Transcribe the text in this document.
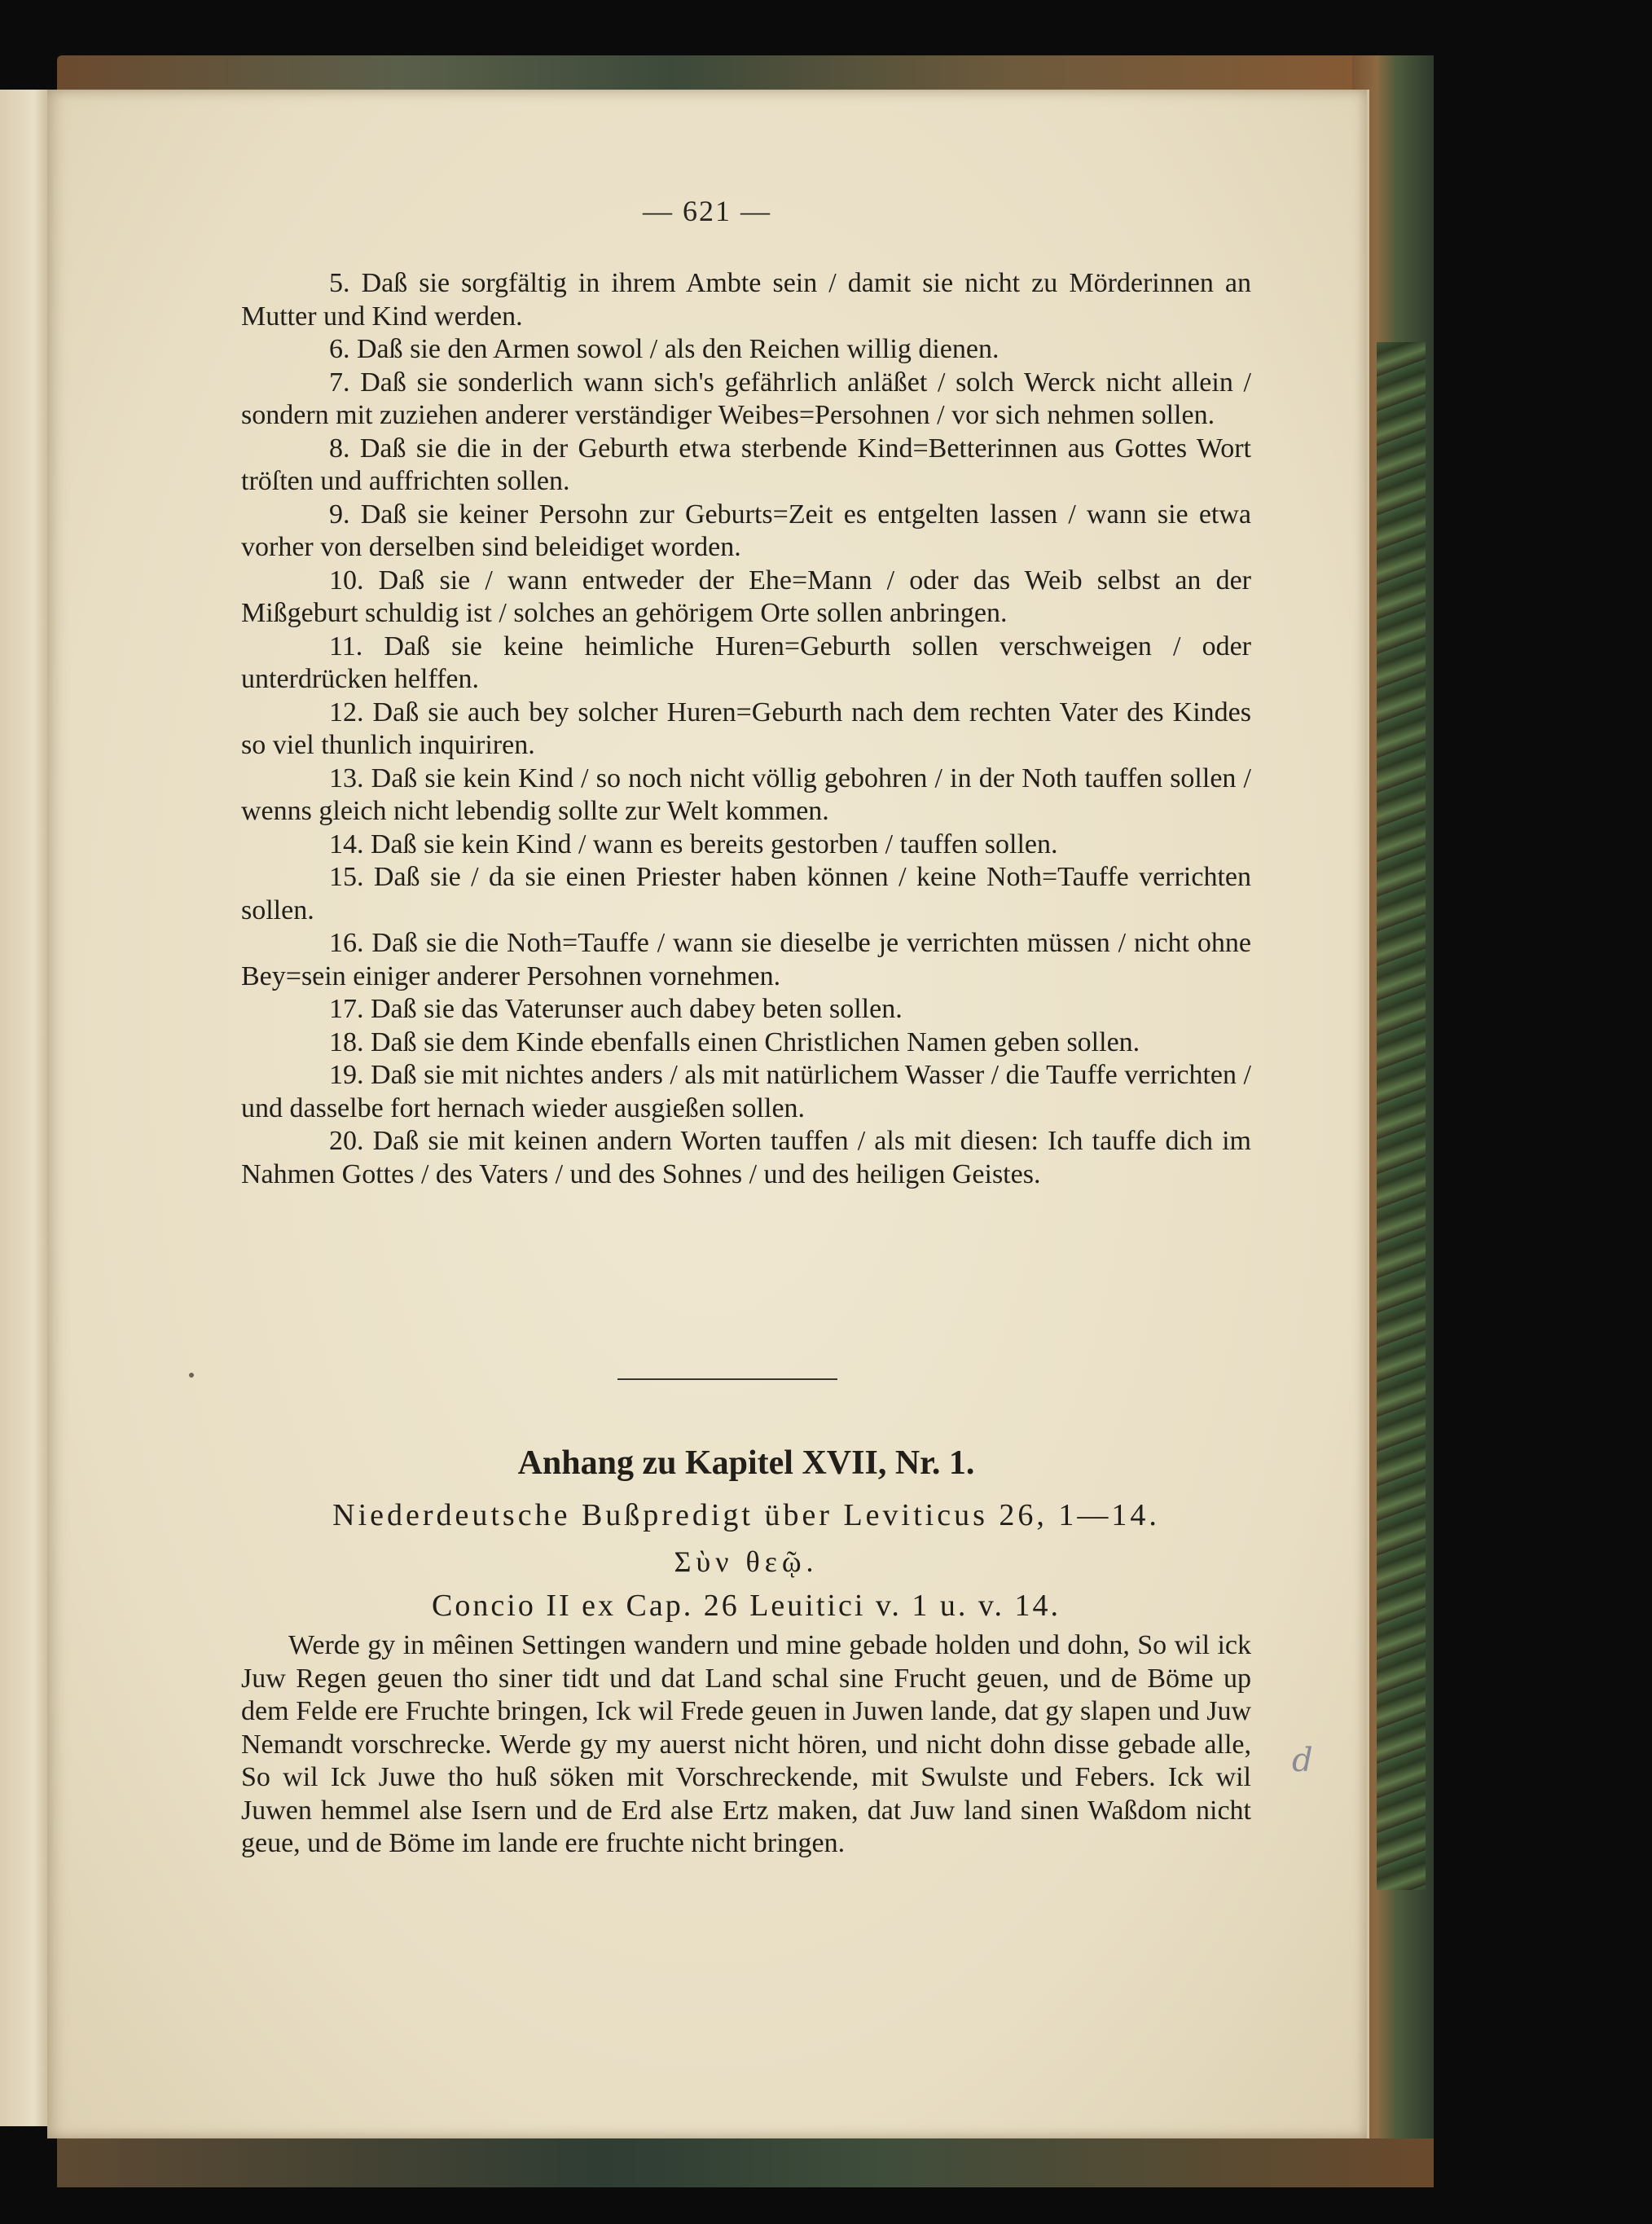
— 621 —

5. Daß sie sorgfältig in ihrem Ambte sein / damit sie nicht zu Mörderinnen an Mutter und Kind werden.

6. Daß sie den Armen sowol / als den Reichen willig dienen.

7. Daß sie sonderlich wann sich's gefährlich anläßet / solch Werck nicht allein / sondern mit zuziehen anderer verständiger Weibes=Persohnen / vor sich nehmen sollen.

8. Daß sie die in der Geburth etwa sterbende Kind=Betterinnen aus Gottes Wort tröſten und auffrichten sollen.

9. Daß sie keiner Persohn zur Geburts=Zeit es entgelten lassen / wann sie etwa vorher von derselben sind beleidiget worden.

10. Daß sie / wann entweder der Ehe=Mann / oder das Weib selbst an der Mißgeburt schuldig ist / solches an gehörigem Orte sollen anbringen.

11. Daß sie keine heimliche Huren=Geburth sollen verschweigen / oder unterdrücken helffen.

12. Daß sie auch bey solcher Huren=Geburth nach dem rechten Vater des Kindes so viel thunlich inquiriren.

13. Daß sie kein Kind / so noch nicht völlig gebohren / in der Noth tauffen sollen / wenns gleich nicht lebendig sollte zur Welt kommen.

14. Daß sie kein Kind / wann es bereits gestorben / tauffen sollen.

15. Daß sie / da sie einen Priester haben können / keine Noth=Tauffe verrichten sollen.

16. Daß sie die Noth=Tauffe / wann sie dieselbe je verrichten müssen / nicht ohne Bey=sein einiger anderer Persohnen vornehmen.

17. Daß sie das Vaterunser auch dabey beten sollen.

18. Daß sie dem Kinde ebenfalls einen Christlichen Namen geben sollen.

19. Daß sie mit nichtes anders / als mit natürlichem Wasser / die Tauffe verrichten / und dasselbe fort hernach wieder ausgießen sollen.

20. Daß sie mit keinen andern Worten tauffen / als mit diesen: Ich tauffe dich im Nahmen Gottes / des Vaters / und des Sohnes / und des heiligen Geistes.

Anhang zu Kapitel XVII, Nr. 1.

Niederdeutsche Bußpredigt über Leviticus 26, 1—14.

Σὺν θεῷ.

Concio II ex Cap. 26 Leuitici v. 1 u. v. 14.

Werde gy in mêinen Settingen wandern und mine gebade holden und dohn, So wil ick Juw Regen geuen tho siner tidt und dat Land schal sine Frucht geuen, und de Böme up dem Felde ere Fruchte bringen, Ick wil Frede geuen in Juwen lande, dat gy slapen und Juw Nemandt vorschrecke. Werde gy my auerst nicht hören, und nicht dohn disse gebade alle, So wil Ick Juwe tho huß söken mit Vorschreckende, mit Swulste und Febers. Ick wil Juwen hemmel alse Isern und de Erd alse Ertz maken, dat Juw land sinen Waßdom nicht geue, und de Böme im lande ere fruchte nicht bringen.

d
